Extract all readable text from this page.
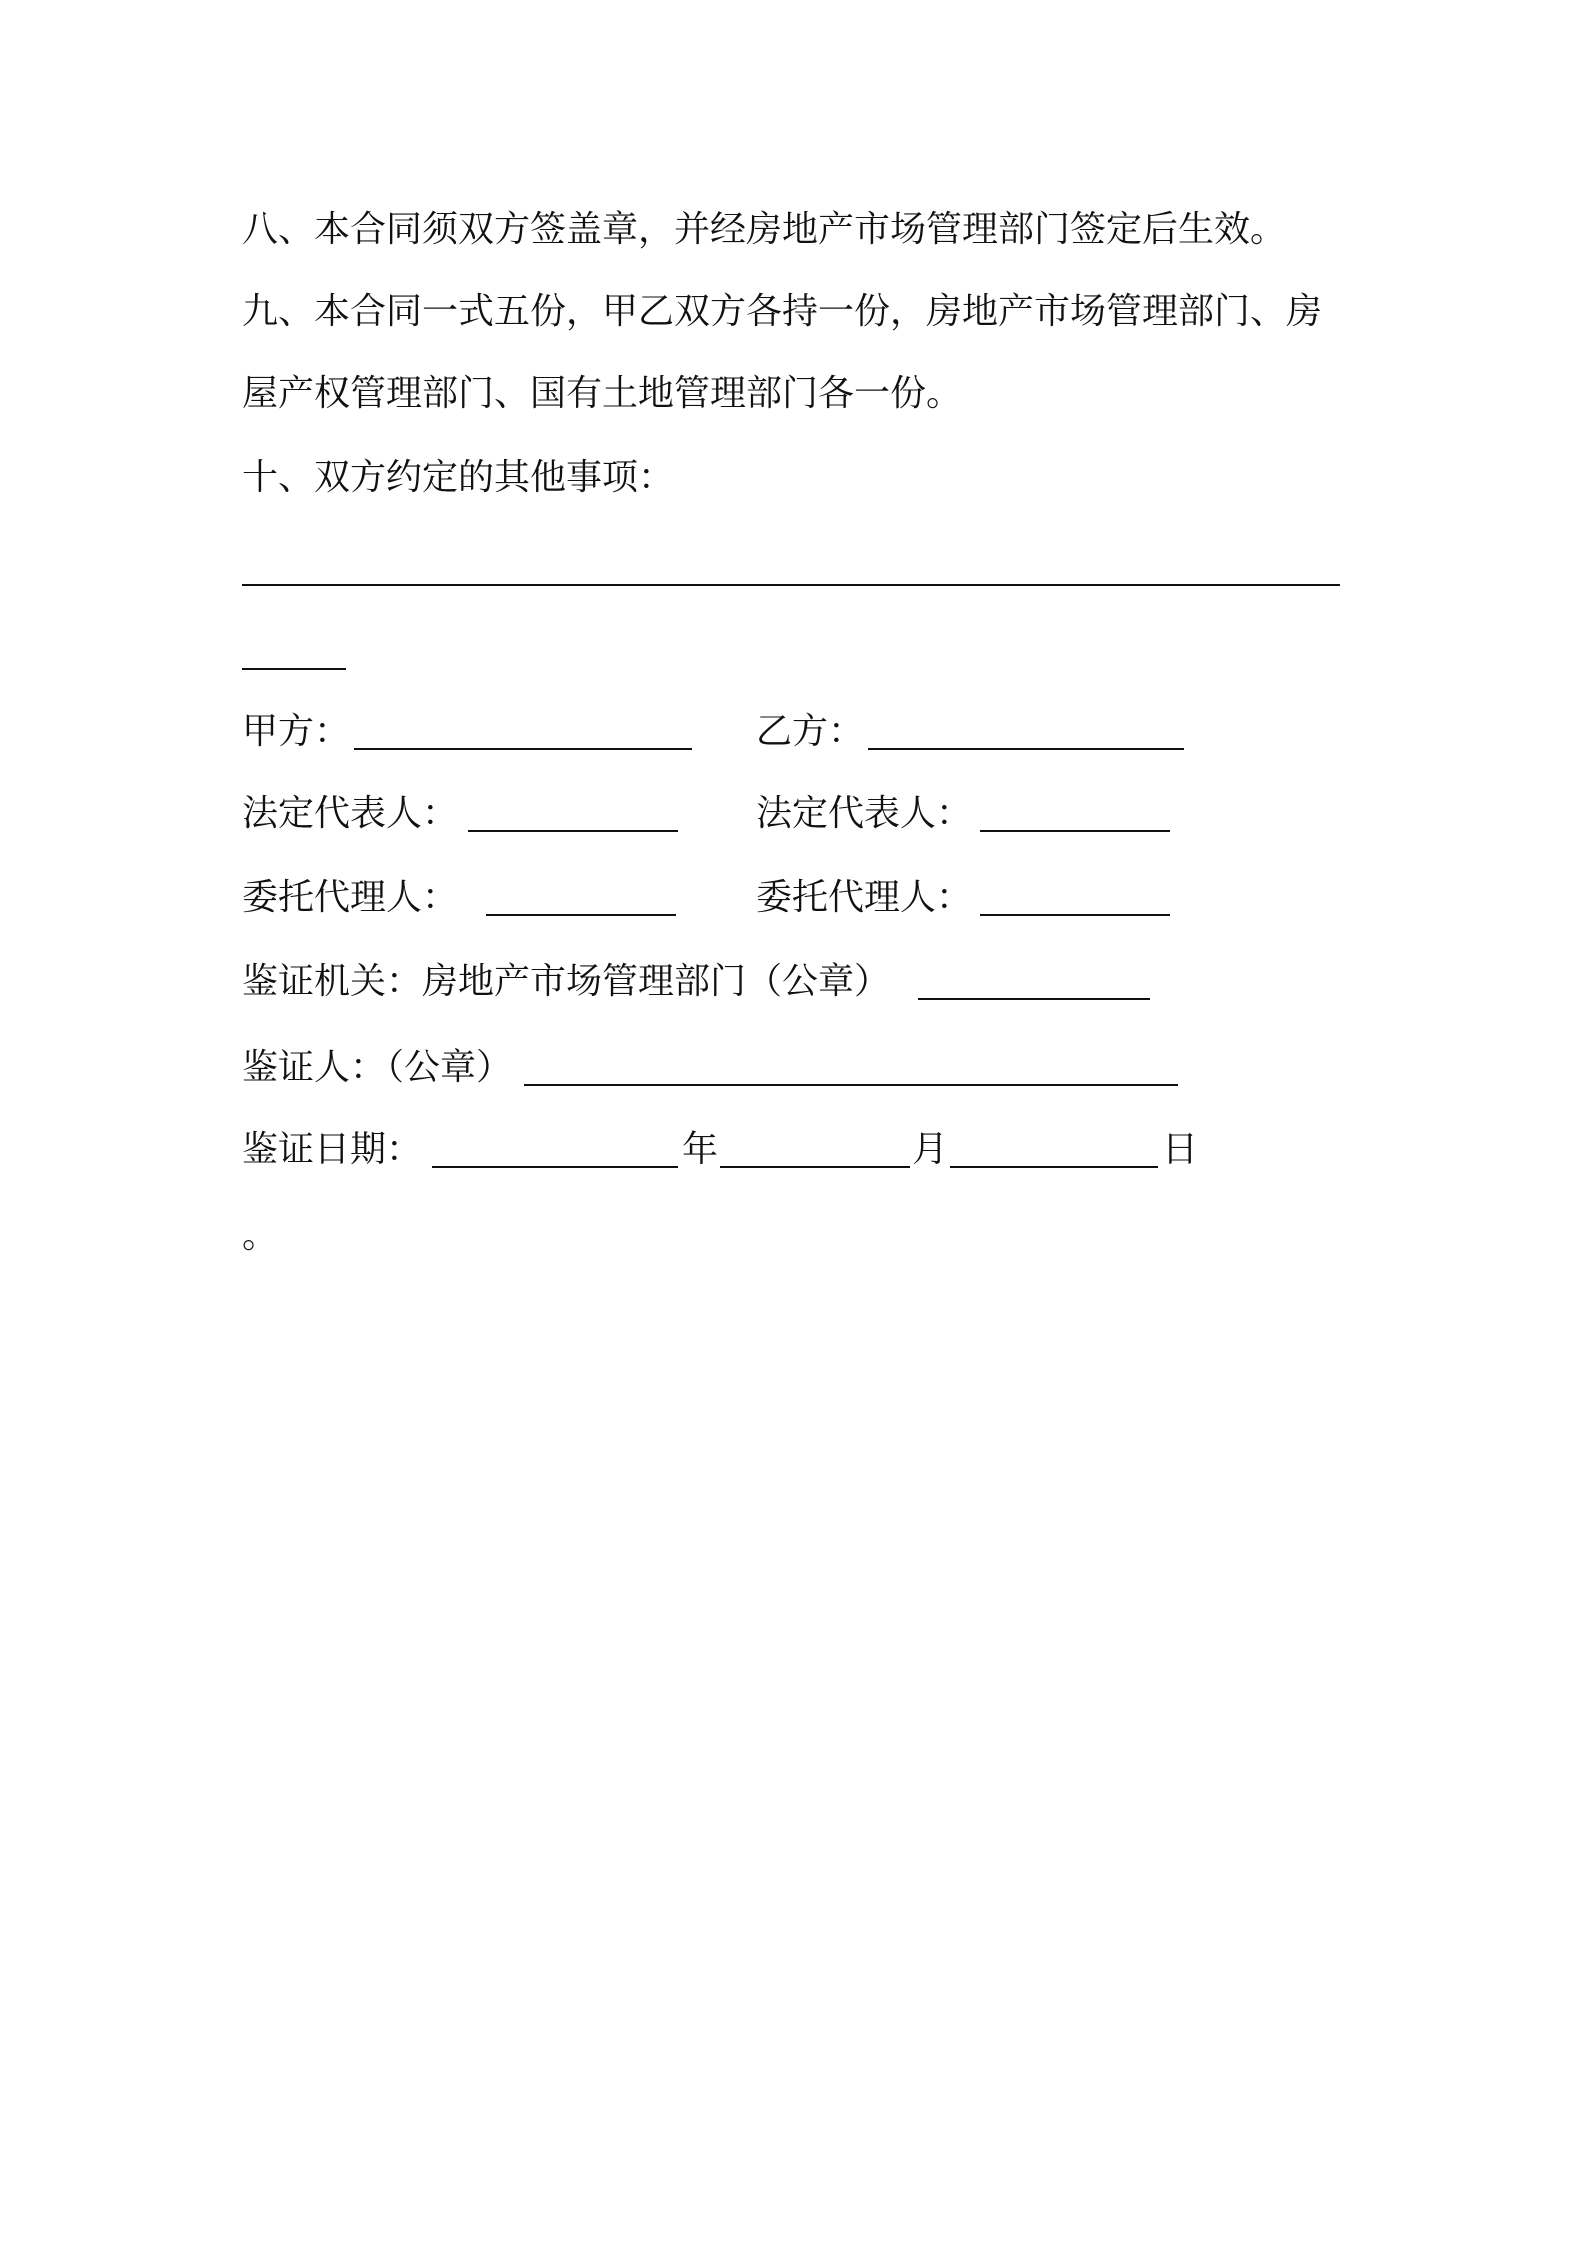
八、本合同须双方签盖章，并经房地产市场管理部门签定后生效。
九、本合同一式五份，甲乙双方各持一份，房地产市场管理部门、房
屋产权管理部门、国有土地管理部门各一份。
十、双方约定的其他事项：
甲方：	乙方：
法定代表人：	法定代表人：
委托代理人：	委托代理人：
鉴证机关：房地产市场管理部门（公章）
鉴证人：（公章）
鉴证日期：	年	月	日
。
